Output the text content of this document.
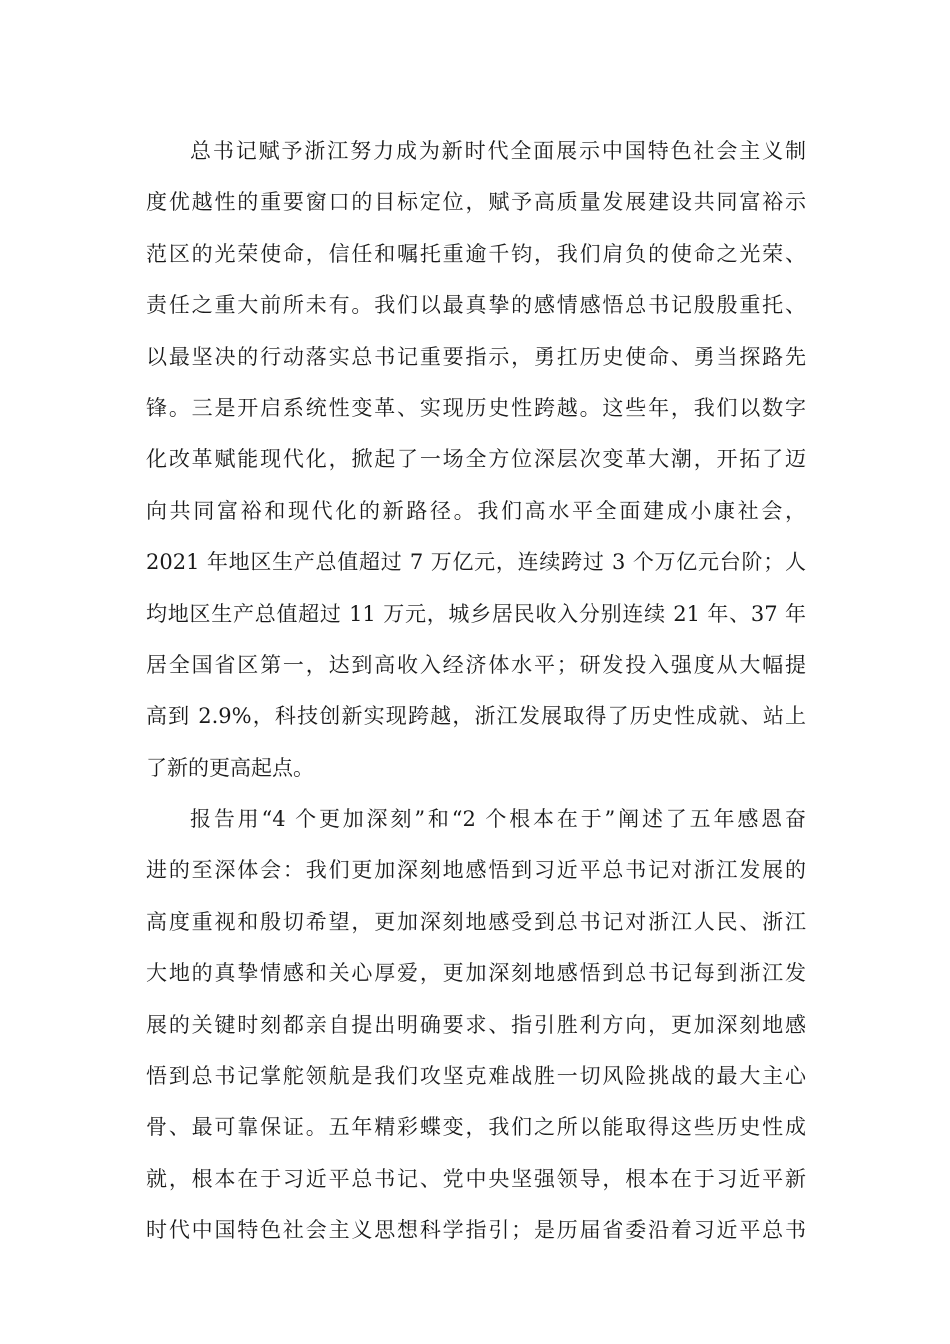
总书记赋予浙江努力成为新时代全面展示中国特色社会主义制
度优越性的重要窗口的目标定位，赋予高质量发展建设共同富裕示
范区的光荣使命，信任和嘱托重逾千钧，我们肩负的使命之光荣、
责任之重大前所未有。我们以最真挚的感情感悟总书记殷殷重托、
以最坚决的行动落实总书记重要指示，勇扛历史使命、勇当探路先
锋。三是开启系统性变革、实现历史性跨越。这些年，我们以数字
化改革赋能现代化，掀起了一场全方位深层次变革大潮，开拓了迈
向共同富裕和现代化的新路径。我们高水平全面建成小康社会，
2021 年地区生产总值超过 7 万亿元，连续跨过 3 个万亿元台阶；人
均地区生产总值超过 11 万元，城乡居民收入分别连续 21 年、37 年
居全国省区第一，达到高收入经济体水平；研发投入强度从大幅提
高到 2.9%，科技创新实现跨越，浙江发展取得了历史性成就、站上
了新的更高起点。
报告用“4 个更加深刻”和“2 个根本在于”阐述了五年感恩奋
进的至深体会：我们更加深刻地感悟到习近平总书记对浙江发展的
高度重视和殷切希望，更加深刻地感受到总书记对浙江人民、浙江
大地的真挚情感和关心厚爱，更加深刻地感悟到总书记每到浙江发
展的关键时刻都亲自提出明确要求、指引胜利方向，更加深刻地感
悟到总书记掌舵领航是我们攻坚克难战胜一切风险挑战的最大主心
骨、最可靠保证。五年精彩蝶变，我们之所以能取得这些历史性成
就，根本在于习近平总书记、党中央坚强领导，根本在于习近平新
时代中国特色社会主义思想科学指引；是历届省委沿着习近平总书
